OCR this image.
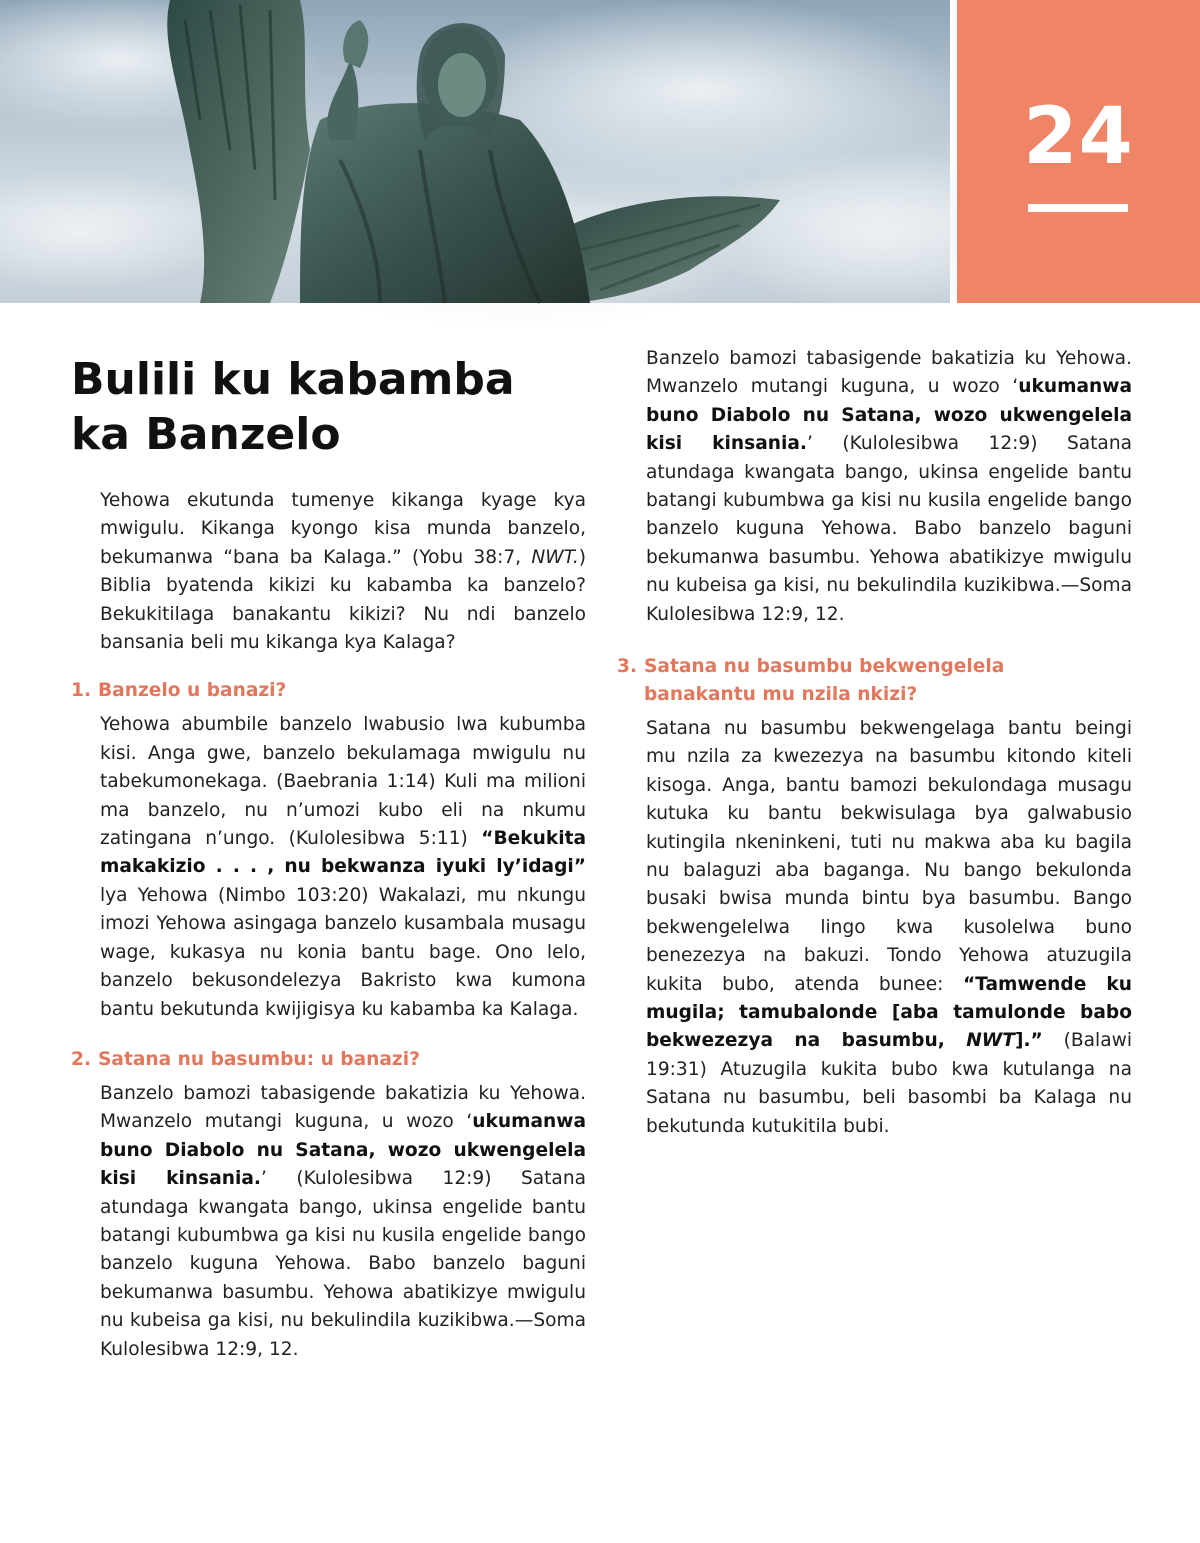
24
Bulili ku kabamba
ka Banzelo

Yehowa ekutunda tumenye kikanga kyage kya mwigulu. Kikanga kyongo kisa munda banzelo, bekumanwa “bana ba Kalaga.” (Yobu 38:7, NWT.) Biblia byatenda kikizi ku kabamba ka banzelo? Bekukitilaga banakantu kikizi? Nu ndi banzelo bansania beli mu kikanga kya Kalaga?

1. Banzelo u banazi?

Yehowa abumbile banzelo lwabusio lwa kubumba kisi. Anga gwe, banzelo bekulamaga mwigulu nu tabekumonekaga. (Baebrania 1:14) Kuli ma milioni ma banzelo, nu n’umozi kubo eli na nkumu zatingana n’ungo. (Kulolesibwa 5:11) “Bekukita makakizio . . . , nu bekwanza iyuki ly’idagi” lya Yehowa (Nimbo 103:20) Wakalazi, mu nkungu imozi Yehowa asingaga banzelo kusambala musagu wage, kukasya nu konia bantu bage. Ono lelo, banzelo bekusondelezya Bakristo kwa kumona bantu bekutunda kwijigisya ku kabamba ka Kalaga.

2. Satana nu basumbu: u banazi?

Banzelo bamozi tabasigende bakatizia ku Yehowa. Mwanzelo mutangi kuguna, u wozo ‘ukumanwa buno Diabolo nu Satana, wozo ukwengelela kisi kinsania.’ (Kulolesibwa 12:9) Satana atundaga kwangata bango, ukinsa engelide bantu batangi kubumbwa ga kisi nu kusila engelide bango banzelo kuguna Yehowa. Babo banzelo baguni bekumanwa basumbu. Yehowa abatikizye mwigulu nu kubeisa ga kisi, nu bekulindila kuzikibwa.—Soma Kulolesibwa 12:9, 12.

Banzelo bamozi tabasigende bakatizia ku Yehowa. Mwanzelo mutangi kuguna, u wozo ‘ukumanwa buno Diabolo nu Satana, wozo ukwengelela kisi kinsania.’ (Kulolesibwa 12:9) Satana atundaga kwangata bango, ukinsa engelide bantu batangi kubumbwa ga kisi nu kusila engelide bango banzelo kuguna Yehowa. Babo banzelo baguni bekumanwa basumbu. Yehowa abatikizye mwigulu nu kubeisa ga kisi, nu bekulindila kuzikibwa.—Soma Kulolesibwa 12:9, 12.

3. Satana nu basumbu bekwengelela
banakantu mu nzila nkizi?

Satana nu basumbu bekwengelaga bantu beingi mu nzila za kwezezya na basumbu kitondo kiteli kisoga. Anga, bantu bamozi bekulondaga musagu kutuka ku bantu bekwisulaga bya galwabusio kutingila nkeninkeni, tuti nu makwa aba ku bagila nu balaguzi aba baganga. Nu bango bekulonda busaki bwisa munda bintu bya basumbu. Bango bekwengelelwa lingo kwa kusolelwa buno benezezya na bakuzi. Tondo Yehowa atuzugila kukita bubo, atenda bunee: “Tamwende ku mugila; tamubalonde [aba tamulonde babo bekwezezya na basumbu, NWT].” (Balawi 19:31) Atuzugila kukita bubo kwa kutulanga na Satana nu basumbu, beli basombi ba Kalaga nu bekutunda kutukitila bubi.
